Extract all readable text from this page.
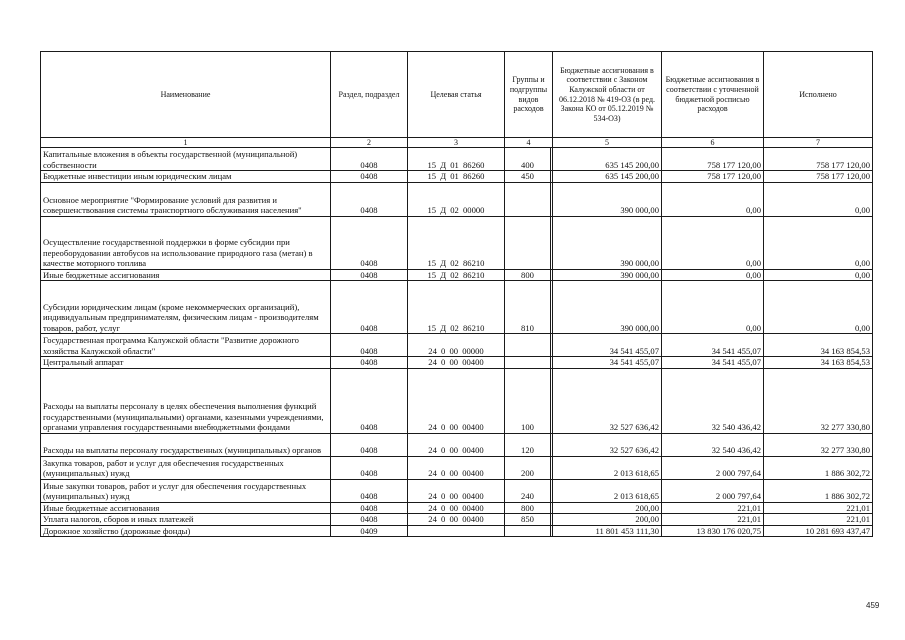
Наименование	Раздел, подраздел	Целевая статья	Группы и подгруппы видов расходов		Бюджетные ассигнования в соответствии с Законом Калужской области от 06.12.2018 № 419-ОЗ (в ред. Закона КО от 05.12.2019 № 534-ОЗ)	Бюджетные ассигнования в соответствии с уточненной бюджетной росписью расходов	Исполнено
1	2	3	4		5	6	7
Капитальные вложения в объекты государственной (муниципальной) собственности	0408	15 Д 01 86260	400		635 145 200,00	758 177 120,00	758 177 120,00
Бюджетные инвестиции иным юридическим лицам	0408	15 Д 01 86260	450		635 145 200,00	758 177 120,00	758 177 120,00
Основное мероприятие "Формирование условий для развития и совершенствования системы транспортного обслуживания населения"	0408	15 Д 02 00000			390 000,00	0,00	0,00
Осуществление государственной поддержки в форме субсидии при переоборудовании автобусов на использование природного газа (метан) в качестве моторного топлива	0408	15 Д 02 86210			390 000,00	0,00	0,00
Иные бюджетные ассигнования	0408	15 Д 02 86210	800		390 000,00	0,00	0,00
Субсидии юридическим лицам (кроме некоммерческих организаций), индивидуальным предпринимателям, физическим лицам - производителям товаров, работ, услуг	0408	15 Д 02 86210	810		390 000,00	0,00	0,00
Государственная программа Калужской области "Развитие дорожного хозяйства Калужской области"	0408	24 0 00 00000			34 541 455,07	34 541 455,07	34 163 854,53
Центральный аппарат	0408	24 0 00 00400			34 541 455,07	34 541 455,07	34 163 854,53
Расходы на выплаты персоналу в целях обеспечения выполнения функций государственными (муниципальными) органами, казенными учреждениями, органами управления государственными внебюджетными фондами	0408	24 0 00 00400	100		32 527 636,42	32 540 436,42	32 277 330,80
Расходы на выплаты персоналу государственных (муниципальных) органов	0408	24 0 00 00400	120		32 527 636,42	32 540 436,42	32 277 330,80
Закупка товаров, работ и услуг для обеспечения государственных (муниципальных) нужд	0408	24 0 00 00400	200		2 013 618,65	2 000 797,64	1 886 302,72
Иные закупки товаров, работ и услуг для обеспечения государственных (муниципальных) нужд	0408	24 0 00 00400	240		2 013 618,65	2 000 797,64	1 886 302,72
Иные бюджетные ассигнования	0408	24 0 00 00400	800		200,00	221,01	221,01
Уплата налогов, сборов и иных платежей	0408	24 0 00 00400	850		200,00	221,01	221,01
Дорожное хозяйство (дорожные фонды)	0409				11 801 453 111,30	13 830 176 020,75	10 281 693 437,47
459
